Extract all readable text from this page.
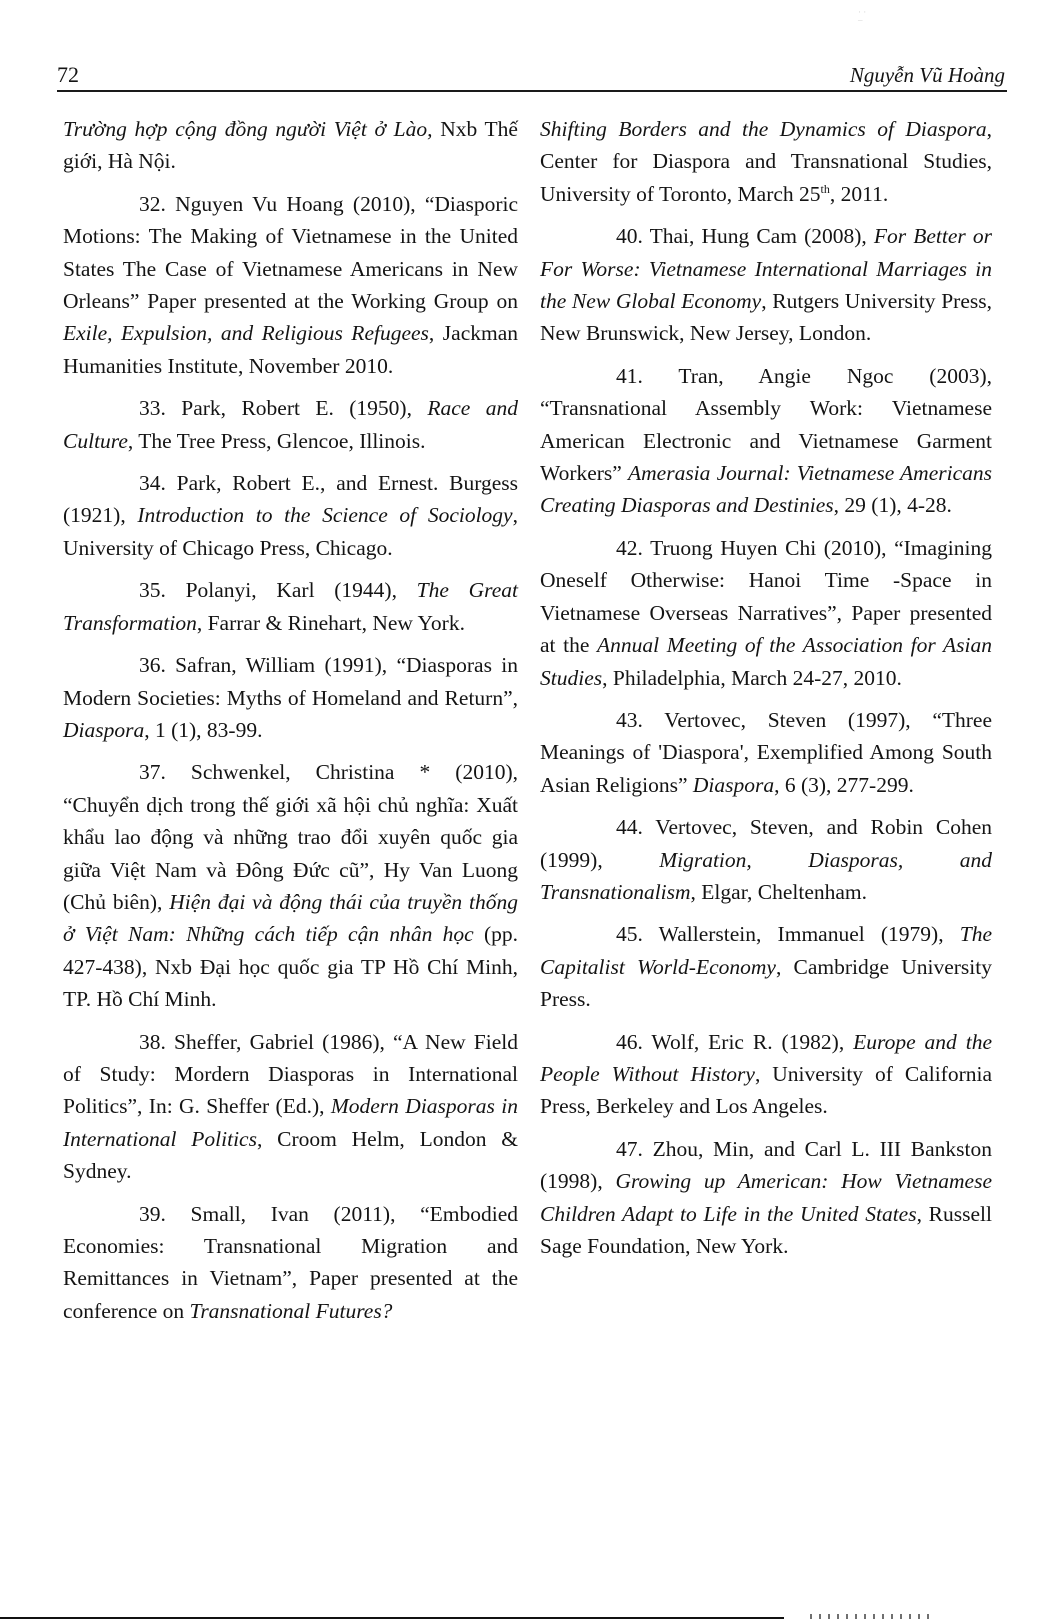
· ·
–
72	Nguyễn Vũ Hoàng

Trường hợp cộng đồng người Việt ở Lào, Nxb Thế giới, Hà Nội.

32. Nguyen Vu Hoang (2010), “Diasporic Motions: The Making of Vietnamese in the United States The Case of Vietnamese Americans in New Orleans” Paper presented at the Working Group on Exile, Expulsion, and Religious Refugees, Jackman Humanities Institute, November 2010.

33. Park, Robert E. (1950), Race and Culture, The Tree Press, Glencoe, Illinois.

34. Park, Robert E., and Ernest. Burgess (1921), Introduction to the Science of Sociology, University of Chicago Press, Chicago.

35. Polanyi, Karl (1944), The Great Transformation, Farrar & Rinehart, New York.

36. Safran, William (1991), “Diasporas in Modern Societies: Myths of Homeland and Return”, Diaspora, 1 (1), 83-99.

37. Schwenkel, Christina * (2010), “Chuyển dịch trong thế giới xã hội chủ nghĩa: Xuất khẩu lao động và những trao đổi xuyên quốc gia giữa Việt Nam và Đông Đức cũ”, Hy Van Luong (Chủ biên), Hiện đại và động thái của truyền thống ở Việt Nam: Những cách tiếp cận nhân học (pp. 427-438), Nxb Đại học quốc gia TP Hồ Chí Minh, TP. Hồ Chí Minh.

38. Sheffer, Gabriel (1986), “A New Field of Study: Mordern Diasporas in International Politics”, In: G. Sheffer (Ed.), Modern Diasporas in International Politics, Croom Helm, London & Sydney.

39. Small, Ivan (2011), “Embodied Economies: Transnational Migration and Remittances in Vietnam”, Paper presented at the conference on Transnational Futures?

Shifting Borders and the Dynamics of Diaspora, Center for Diaspora and Transnational Studies, University of Toronto, March 25th, 2011.

40. Thai, Hung Cam (2008), For Better or For Worse: Vietnamese International Marriages in the New Global Economy, Rutgers University Press, New Brunswick, New Jersey, London.

41. Tran, Angie Ngoc (2003), “Transnational Assembly Work: Vietnamese American Electronic and Vietnamese Garment Workers” Amerasia Journal: Vietnamese Americans Creating Diasporas and Destinies, 29 (1), 4-28.

42. Truong Huyen Chi (2010), “Imagining Oneself Otherwise: Hanoi Time -Space in Vietnamese Overseas Narratives”, Paper presented at the Annual Meeting of the Association for Asian Studies, Philadelphia, March 24-27, 2010.

43. Vertovec, Steven (1997), “Three Meanings of 'Diaspora', Exemplified Among South Asian Religions” Diaspora, 6 (3), 277-299.

44. Vertovec, Steven, and Robin Cohen (1999), Migration, Diasporas, and Transnationalism, Elgar, Cheltenham.

45. Wallerstein, Immanuel (1979), The Capitalist World-Economy, Cambridge University Press.

46. Wolf, Eric R. (1982), Europe and the People Without History, University of California Press, Berkeley and Los Angeles.

47. Zhou, Min, and Carl L. III Bankston (1998), Growing up American: How Vietnamese Children Adapt to Life in the United States, Russell Sage Foundation, New York.
